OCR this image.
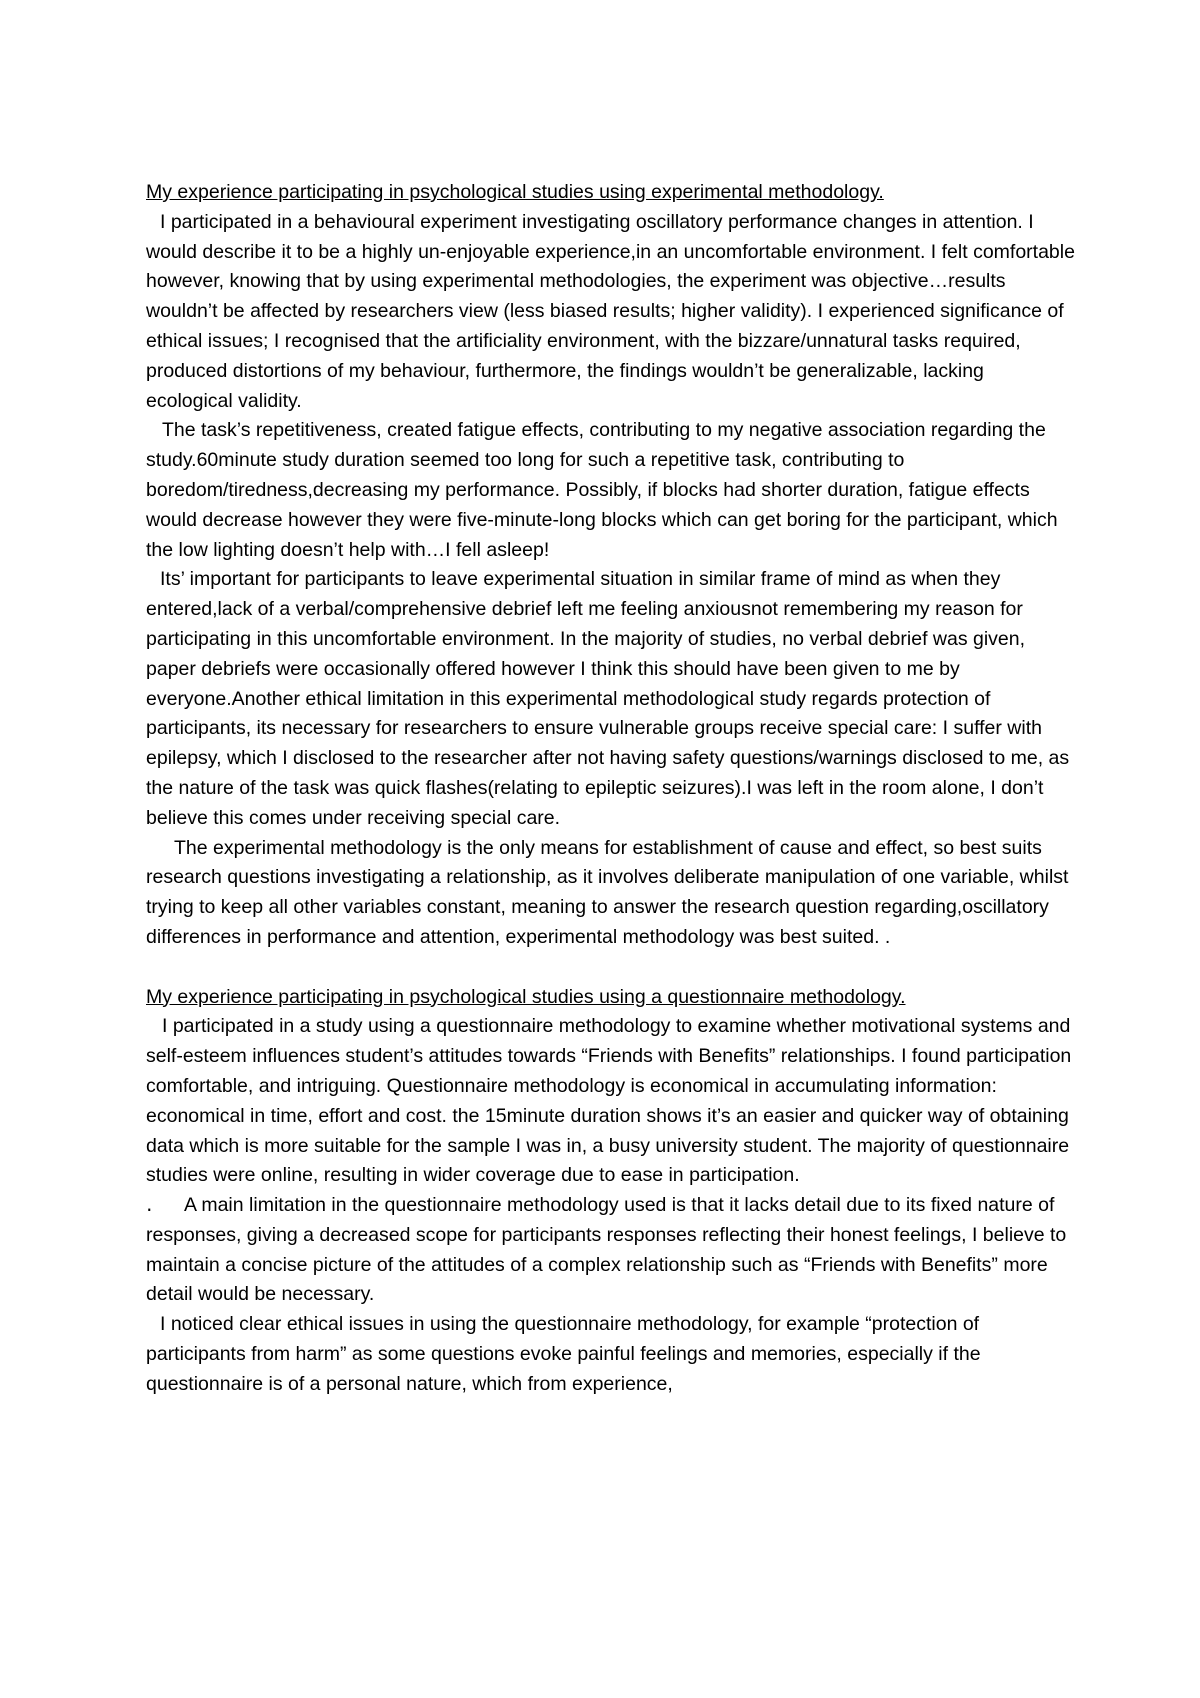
My experience participating in psychological studies using experimental methodology.

I participated in a behavioural experiment investigating oscillatory performance changes in attention. I would describe it to be a highly un-enjoyable experience,in an uncomfortable environment. I felt comfortable however, knowing that by using experimental methodologies, the experiment was objective…results wouldn’t be affected by researchers view (less biased results; higher validity). I experienced significance of ethical issues; I recognised that the artificiality environment, with the bizzare/unnatural tasks required, produced distortions of my behaviour, furthermore, the findings wouldn’t be generalizable, lacking ecological validity.

The task’s repetitiveness, created fatigue effects, contributing to my negative association regarding the study.60minute study duration seemed too long for such a repetitive task, contributing to boredom/tiredness,decreasing my performance. Possibly, if blocks had shorter duration, fatigue effects would decrease however they were five-minute-long blocks which can get boring for the participant, which the low lighting doesn’t help with…I fell asleep!

Its’ important for participants to leave experimental situation in similar frame of mind as when they entered,lack of a verbal/comprehensive debrief left me feeling anxiousnot remembering my reason for participating in this uncomfortable environment. In the majority of studies, no verbal debrief was given, paper debriefs were occasionally offered however I think this should have been given to me by everyone.Another ethical limitation in this experimental methodological study regards protection of participants, its necessary for researchers to ensure vulnerable groups receive special care: I suffer with epilepsy, which I disclosed to the researcher after not having safety questions/warnings disclosed to me, as the nature of the task was quick flashes(relating to epileptic seizures).I was left in the room alone, I don’t believe this comes under receiving special care.

The experimental methodology is the only means for establishment of cause and effect, so best suits research questions investigating a relationship, as it involves deliberate manipulation of one variable, whilst trying to keep all other variables constant, meaning to answer the research question regarding,oscillatory differences in performance and attention, experimental methodology was best suited. .

My experience participating in psychological studies using a questionnaire methodology.

I participated in a study using a questionnaire methodology to examine whether motivational systems and self-esteem influences student’s attitudes towards “Friends with Benefits” relationships. I found participation comfortable, and intriguing. Questionnaire methodology is economical in accumulating information: economical in time, effort and cost. the 15minute duration shows it’s an easier and quicker way of obtaining data which is more suitable for the sample I was in, a busy university student. The majority of questionnaire studies were online, resulting in wider coverage due to ease in participation.

․ A main limitation in the questionnaire methodology used is that it lacks detail due to its fixed nature of responses, giving a decreased scope for participants responses reflecting their honest feelings, I believe to maintain a concise picture of the attitudes of a complex relationship such as “Friends with Benefits” more detail would be necessary.

I noticed clear ethical issues in using the questionnaire methodology, for example “protection of participants from harm” as some questions evoke painful feelings and memories, especially if the questionnaire is of a personal nature, which from experience,
